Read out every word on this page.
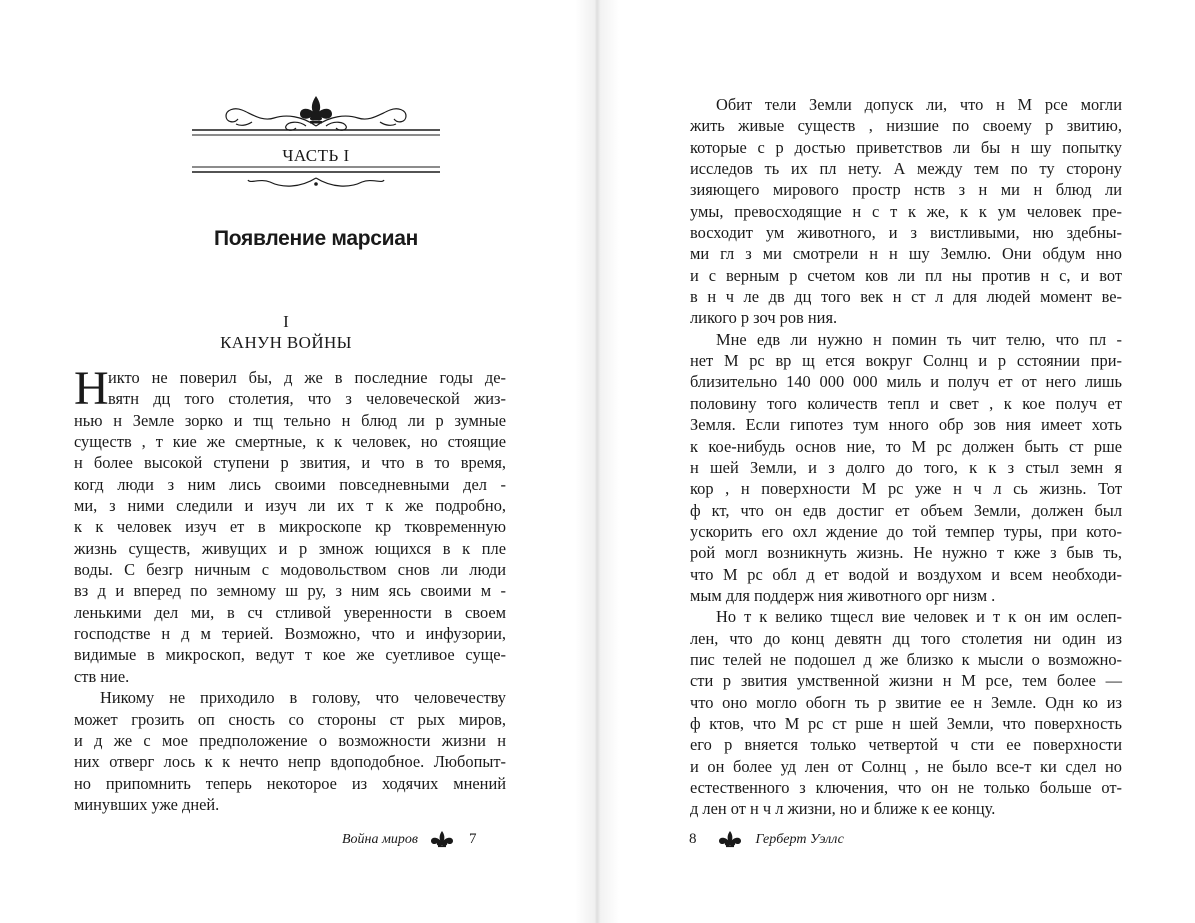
ЧАСТЬ I
Появление марсиан
I
КАНУН ВОЙНЫ
Н икто не поверил бы, д же в последние годы де-
вятн дц того столетия, что з человеческой жиз-
нью н Земле зорко и тщ тельно н блюд ли р зумные
существ , т кие же смертные, к к человек, но стоящие
н более высокой ступени р звития, и что в то время,
когд люди з ним лись своими повседневными дел -
ми, з ними следили и изуч ли их т к же подробно,
к к человек изуч ет в микроскопе кр тковременную
жизнь существ, живущих и р змнож ющихся в к пле
воды. С безгр ничным с модовольством снов ли люди
вз д и вперед по земному ш ру, з ним ясь своими м -
ленькими дел ми, в сч стливой уверенности в своем
господстве н д м терией. Возможно, что и инфузории,
видимые в микроскоп, ведут т кое же суетливое суще-
ств ние.
Никому не приходило в голову, что человечеству
может грозить оп сность со стороны ст рых миров,
и д же с мое предположение о возможности жизни н
них отверг лось к к нечто непр вдоподобное. Любопыт-
но припомнить теперь некоторое из ходячих мнений
минувших уже дней.
Война миров	7	8	Герберт Уэллс
Обит тели Земли допуск ли, что н М рсе могли
жить живые существ , низшие по своему р звитию,
которые с р достью приветствов ли бы н шу попытку
исследов ть их пл нету. А между тем по ту сторону
зияющего мирового простр нств з н ми н блюд ли
умы, превосходящие н с т к же, к к ум человек пре-
восходит ум животного, и з вистливыми, ню здебны-
ми гл з ми смотрели н н шу Землю. Они обдум нно
и с верным р счетом ков ли пл ны против н с, и вот
в н ч ле дв дц того век н ст л для людей момент ве-
ликого р зоч ров ния.
Мне едв ли нужно н помин ть чит телю, что пл -
нет М рс вр щ ется вокруг Солнц и р сстоянии при-
близительно 140 000 000 миль и получ ет от него лишь
половину того количеств тепл и свет , к кое получ ет
Земля. Если гипотез тум нного обр зов ния имеет хоть
к кое-нибудь основ ние, то М рс должен быть ст рше
н шей Земли, и з долго до того, к к з стыл земн я
кор , н поверхности М рс уже н ч л сь жизнь. Тот
ф кт, что он едв достиг ет объем Земли, должен был
ускорить его охл ждение до той темпер туры, при кото-
рой могл возникнуть жизнь. Не нужно т кже з быв ть,
что М рс обл д ет водой и воздухом и всем необходи-
мым для поддерж ния животного орг низм .
Но т к велико тщесл вие человек и т к он им ослеп-
лен, что до конц девятн дц того столетия ни один из
пис телей не подошел д же близко к мысли о возможно-
сти р звития умственной жизни н М рсе, тем более —
что оно могло обогн ть р звитие ее н Земле. Одн ко из
ф ктов, что М рс ст рше н шей Земли, что поверхность
его р вняется только четвертой ч сти ее поверхности
и он более уд лен от Солнц , не было все-т ки сдел но
естественного з ключения, что он не только больше от-
д лен от н ч л жизни, но и ближе к ее концу.
